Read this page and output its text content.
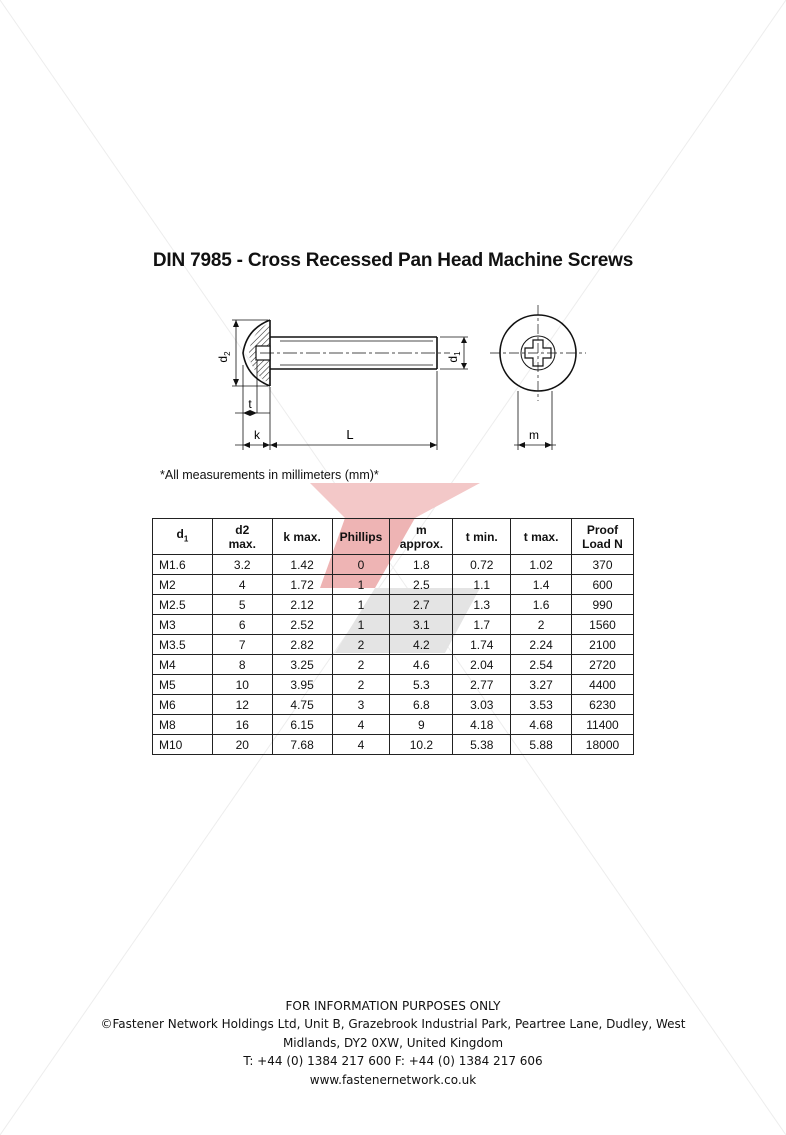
DIN 7985 - Cross Recessed Pan Head Machine Screws
$d_2$
$d_1$
t
k	L	m
*All measurements in millimeters (mm)*
$d_1$	d2 max.	k max.	Phillips	m approx.	t min.	t max.	Proof Load N
M1.6	3.2	1.42	0	1.8	0.72	1.02	370
M2	4	1.72	1	2.5	1.1	1.4	600
M2.5	5	2.12	1	2.7	1.3	1.6	990
M3	6	2.52	1	3.1	1.7	2	1560
M3.5	7	2.82	2	4.2	1.74	2.24	2100
M4	8	3.25	2	4.6	2.04	2.54	2720
M5	10	3.95	2	5.3	2.77	3.27	4400
M6	12	4.75	3	6.8	3.03	3.53	6230
M8	16	6.15	4	9	4.18	4.68	11400
M10	20	7.68	4	10.2	5.38	5.88	18000
FOR INFORMATION PURPOSES ONLY
©Fastener Network Holdings Ltd, Unit B, Grazebrook Industrial Park, Peartree Lane, Dudley, West Midlands, DY2 0XW, United Kingdom
T: +44 (0) 1384 217 600 F: +44 (0) 1384 217 606
www.fastenernetwork.co.uk
